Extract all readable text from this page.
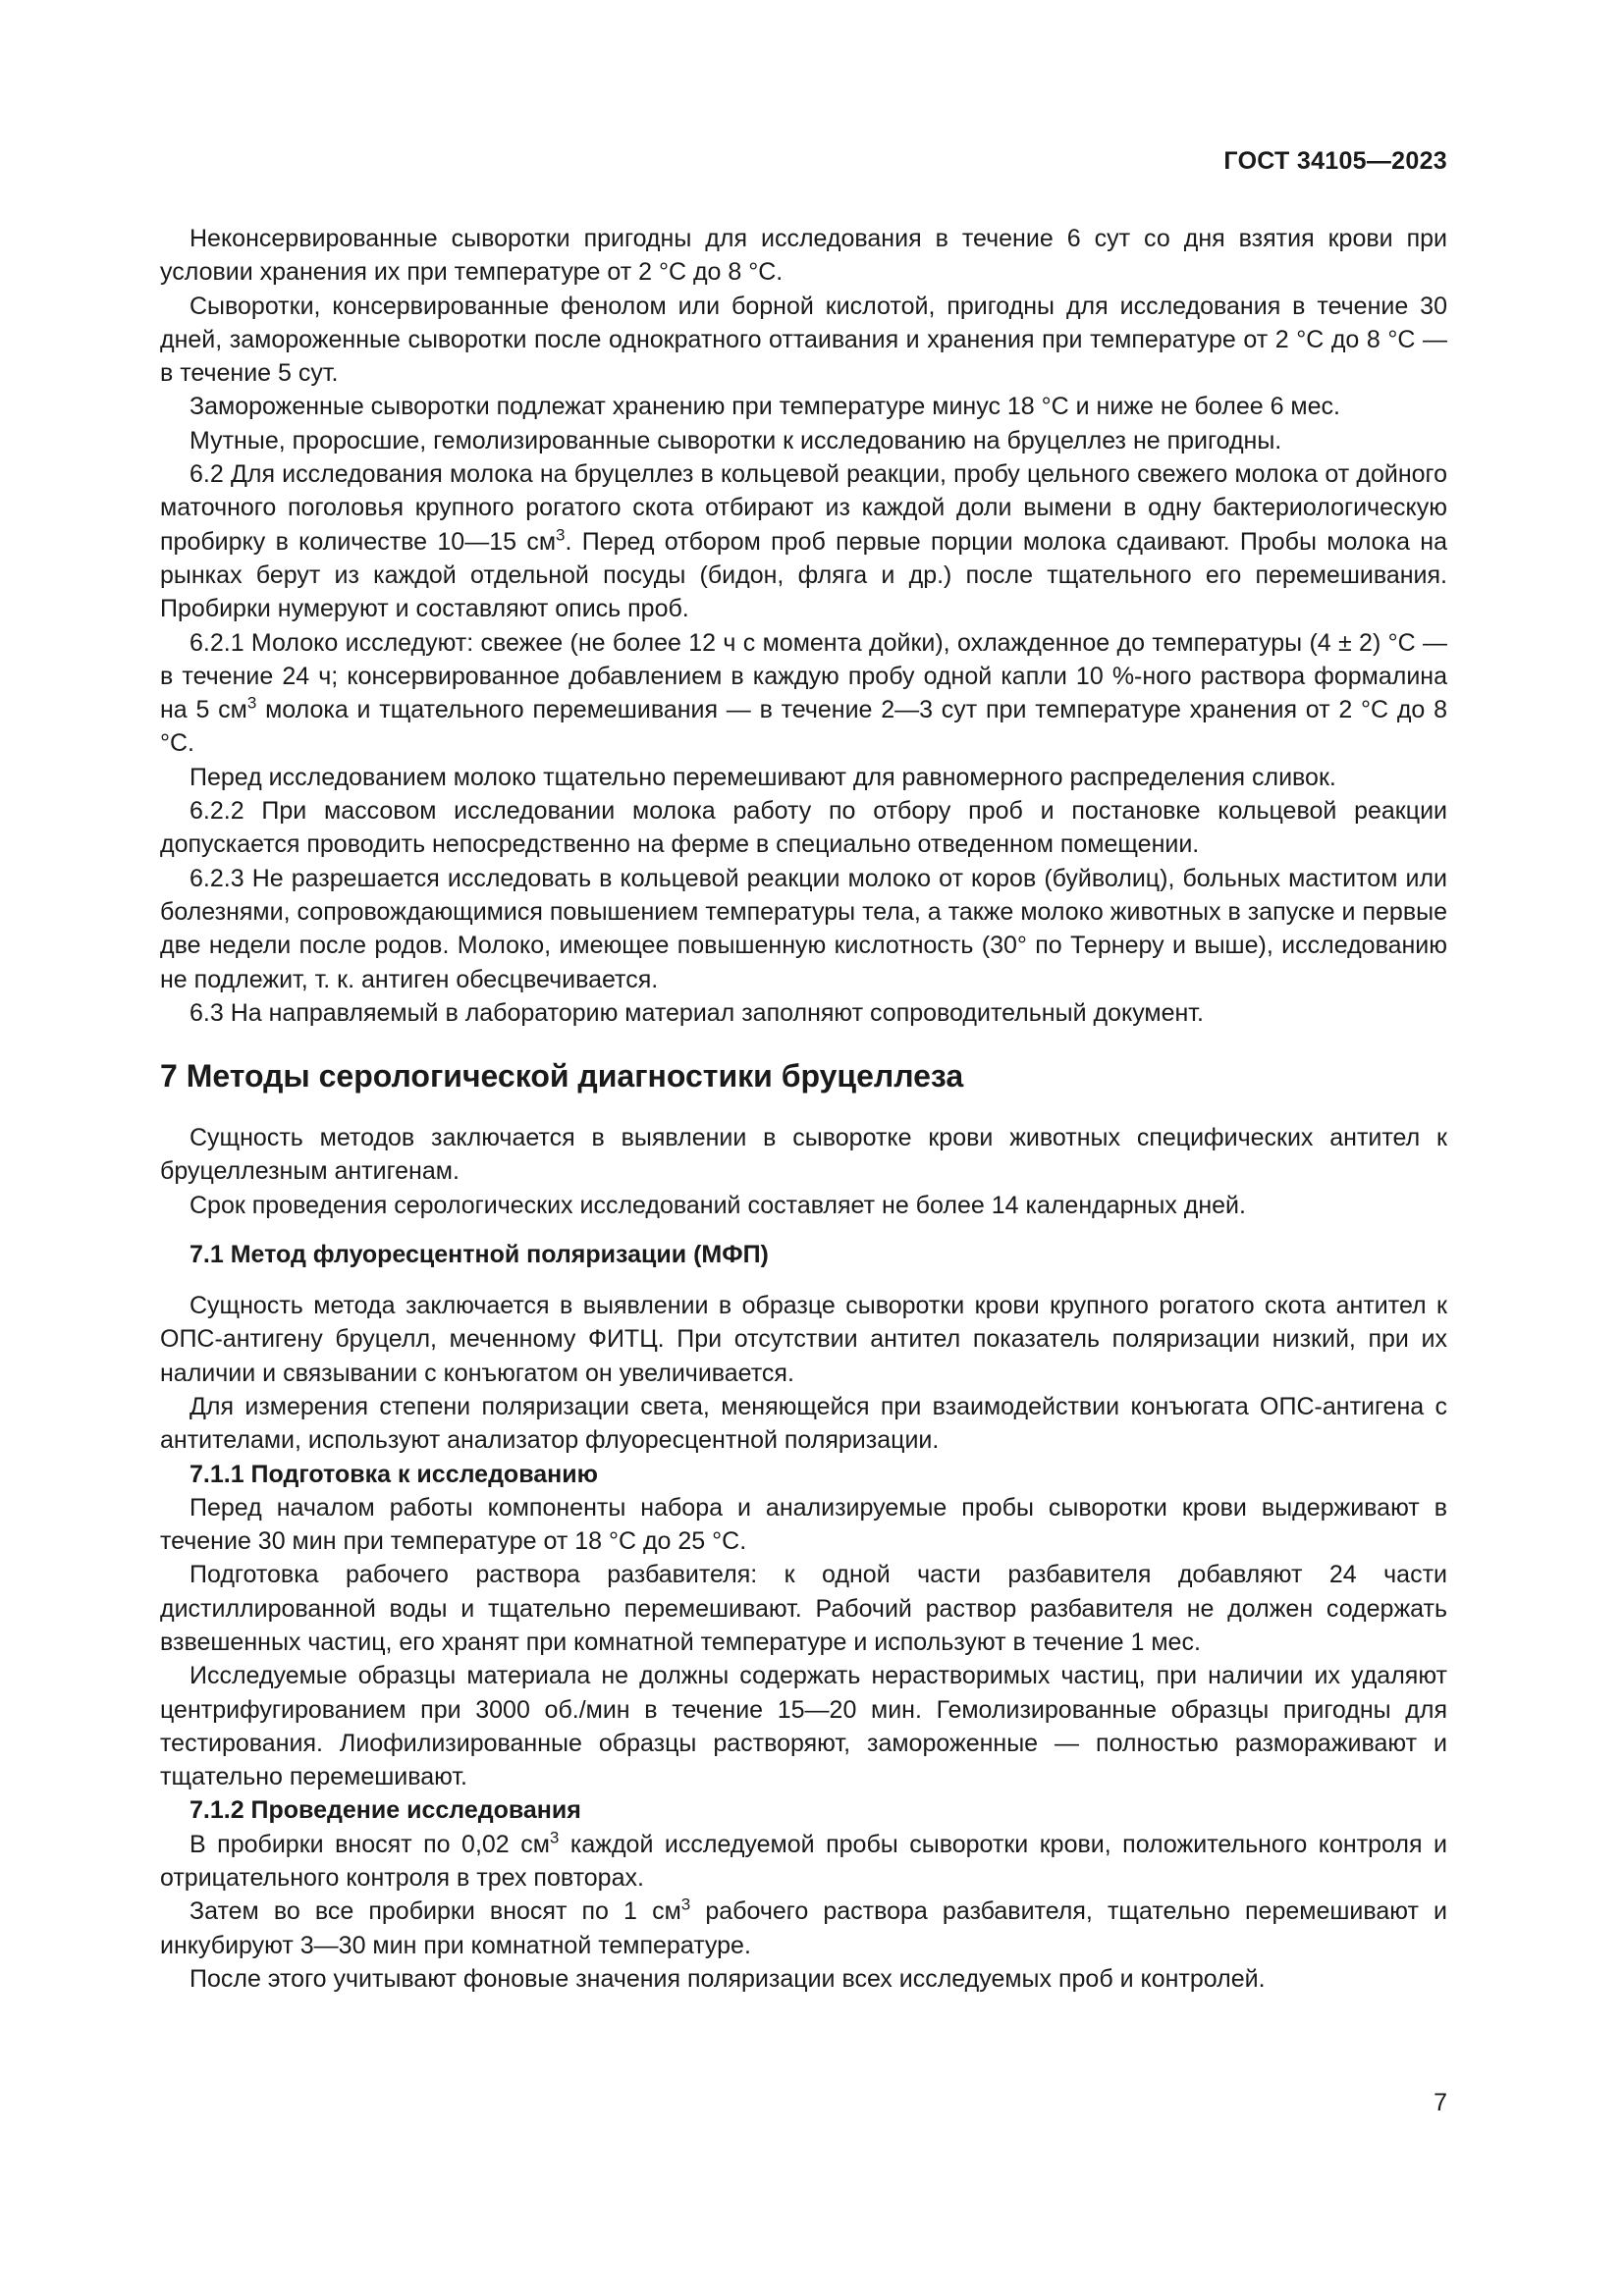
ГОСТ 34105—2023

Неконсервированные сыворотки пригодны для исследования в течение 6 сут со дня взятия крови при условии хранения их при температуре от 2 °С до 8 °С.

Сыворотки, консервированные фенолом или борной кислотой, пригодны для исследования в течение 30 дней, замороженные сыворотки после однократного оттаивания и хранения при температуре от 2 °С до 8 °С — в течение 5 сут.

Замороженные сыворотки подлежат хранению при температуре минус 18 °С и ниже не более 6 мес.

Мутные, проросшие, гемолизированные сыворотки к исследованию на бруцеллез не пригодны.

6.2 Для исследования молока на бруцеллез в кольцевой реакции, пробу цельного свежего молока от дойного маточного поголовья крупного рогатого скота отбирают из каждой доли вымени в одну бактериологическую пробирку в количестве 10—15 $см^3$. Перед отбором проб первые порции молока сдаивают. Пробы молока на рынках берут из каждой отдельной посуды (бидон, фляга и др.) после тщательного его перемешивания. Пробирки нумеруют и составляют опись проб.

6.2.1 Молоко исследуют: свежее (не более 12 ч с момента дойки), охлажденное до температуры (4 ± 2) °С — в течение 24 ч; консервированное добавлением в каждую пробу одной капли 10 %-ного раствора формалина на 5 $см^3$ молока и тщательного перемешивания — в течение 2—3 сут при температуре хранения от 2 °С до 8 °С.

Перед исследованием молоко тщательно перемешивают для равномерного распределения сливок.

6.2.2 При массовом исследовании молока работу по отбору проб и постановке кольцевой реакции допускается проводить непосредственно на ферме в специально отведенном помещении.

6.2.3 Не разрешается исследовать в кольцевой реакции молоко от коров (буйволиц), больных маститом или болезнями, сопровождающимися повышением температуры тела, а также молоко животных в запуске и первые две недели после родов. Молоко, имеющее повышенную кислотность (30° по Тернеру и выше), исследованию не подлежит, т. к. антиген обесцвечивается.

6.3 На направляемый в лабораторию материал заполняют сопроводительный документ.

7 Методы серологической диагностики бруцеллеза

Сущность методов заключается в выявлении в сыворотке крови животных специфических антител к бруцеллезным антигенам.

Срок проведения серологических исследований составляет не более 14 календарных дней.

7.1 Метод флуоресцентной поляризации (МФП)

Сущность метода заключается в выявлении в образце сыворотки крови крупного рогатого скота антител к ОПС-антигену бруцелл, меченному ФИТЦ. При отсутствии антител показатель поляризации низкий, при их наличии и связывании с конъюгатом он увеличивается.

Для измерения степени поляризации света, меняющейся при взаимодействии конъюгата ОПС-антигена с антителами, используют анализатор флуоресцентной поляризации.

7.1.1 Подготовка к исследованию

Перед началом работы компоненты набора и анализируемые пробы сыворотки крови выдерживают в течение 30 мин при температуре от 18 °С до 25 °С.

Подготовка рабочего раствора разбавителя: к одной части разбавителя добавляют 24 части дистиллированной воды и тщательно перемешивают. Рабочий раствор разбавителя не должен содержать взвешенных частиц, его хранят при комнатной температуре и используют в течение 1 мес.

Исследуемые образцы материала не должны содержать нерастворимых частиц, при наличии их удаляют центрифугированием при 3000 об./мин в течение 15—20 мин. Гемолизированные образцы пригодны для тестирования. Лиофилизированные образцы растворяют, замороженные — полностью размораживают и тщательно перемешивают.

7.1.2 Проведение исследования

В пробирки вносят по 0,02 $см^3$ каждой исследуемой пробы сыворотки крови, положительного контроля и отрицательного контроля в трех повторах.

Затем во все пробирки вносят по 1 $см^3$ рабочего раствора разбавителя, тщательно перемешивают и инкубируют 3—30 мин при комнатной температуре.

После этого учитывают фоновые значения поляризации всех исследуемых проб и контролей.

7
